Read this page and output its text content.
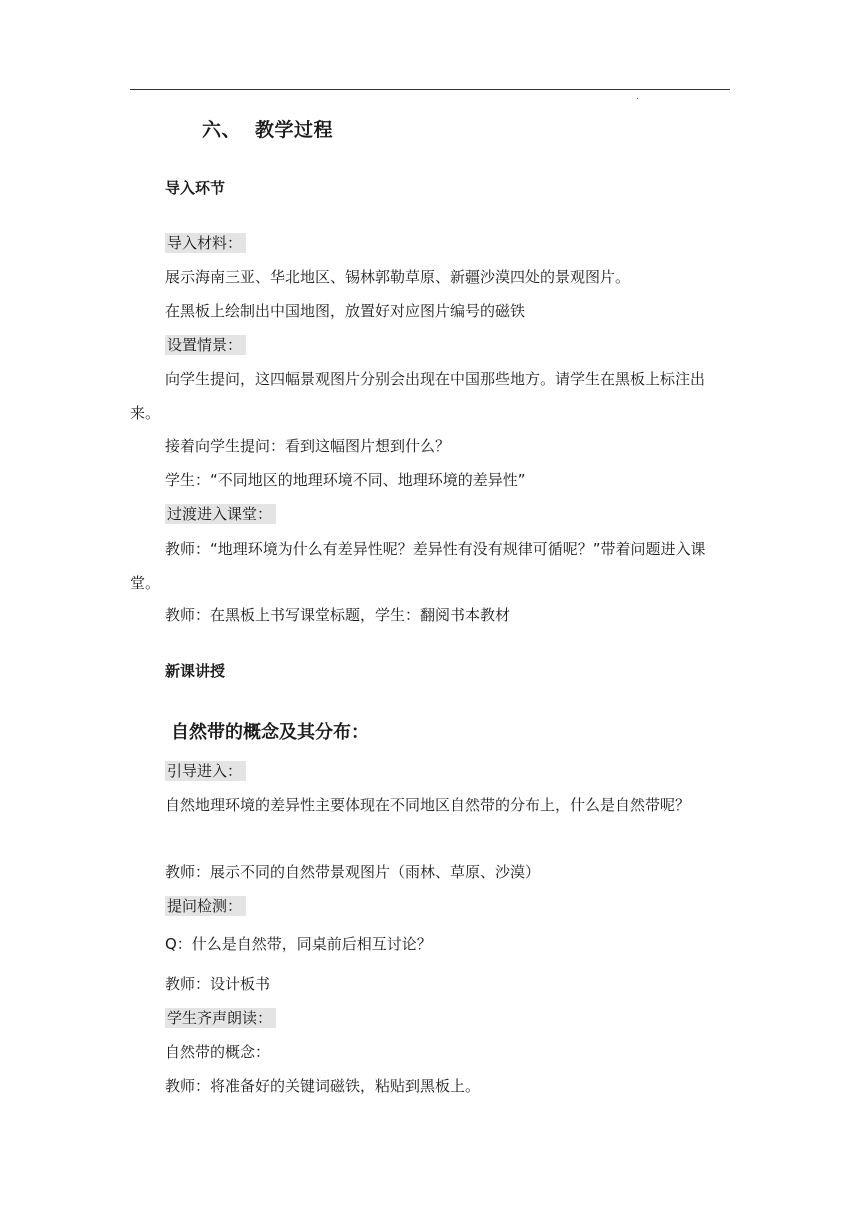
.
六、 教学过程
导入环节
导入材料：
展示海南三亚、华北地区、锡林郭勒草原、新疆沙漠四处的景观图片。
在黑板上绘制出中国地图，放置好对应图片编号的磁铁
设置情景：
向学生提问，这四幅景观图片分别会出现在中国那些地方。请学生在黑板上标注出来。
接着向学生提问：看到这幅图片想到什么？
学生：“不同地区的地理环境不同、地理环境的差异性”
过渡进入课堂：
教师：“地理环境为什么有差异性呢？差异性有没有规律可循呢？”带着问题进入课堂。
教师：在黑板上书写课堂标题，学生：翻阅书本教材
新课讲授
自然带的概念及其分布：
引导进入：
自然地理环境的差异性主要体现在不同地区自然带的分布上，什么是自然带呢？
教师：展示不同的自然带景观图片（雨林、草原、沙漠）
提问检测：
Q：什么是自然带，同桌前后相互讨论？
教师：设计板书
学生齐声朗读：
自然带的概念：
教师：将准备好的关键词磁铁，粘贴到黑板上。
